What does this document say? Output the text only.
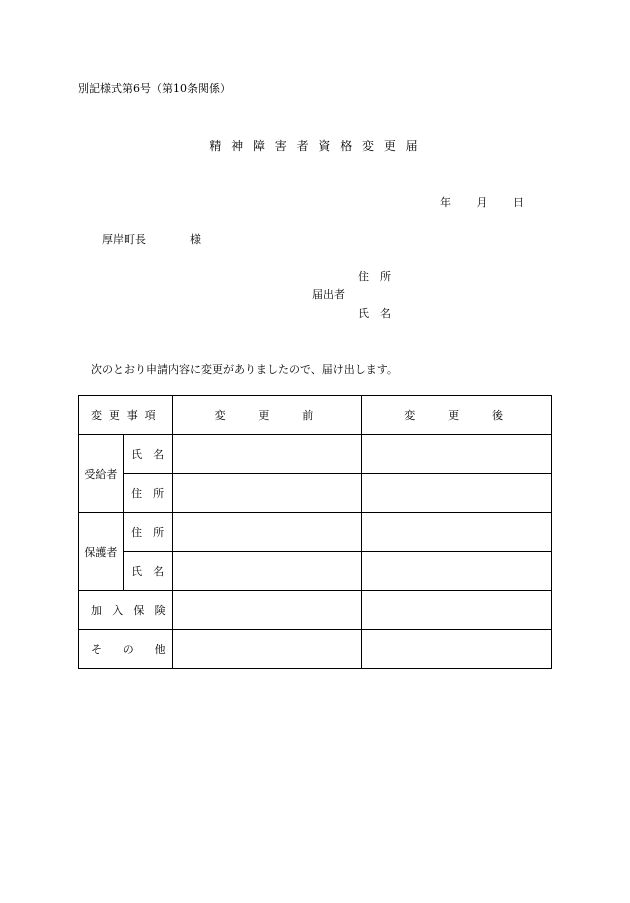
別記様式第6号（第10条関係）
精 神 障 害 者 資 格 変 更 届
年 月 日
厚岸町長	様
住　所
届出者
氏　名
次のとおり申請内容に変更がありましたので、届け出します。
変 更 事 項		変 更 前	変 更 後

受給者	氏　名		
	住　所		
保護者	住　所		
	氏　名		

加 入 保 険			

そ の 他			
